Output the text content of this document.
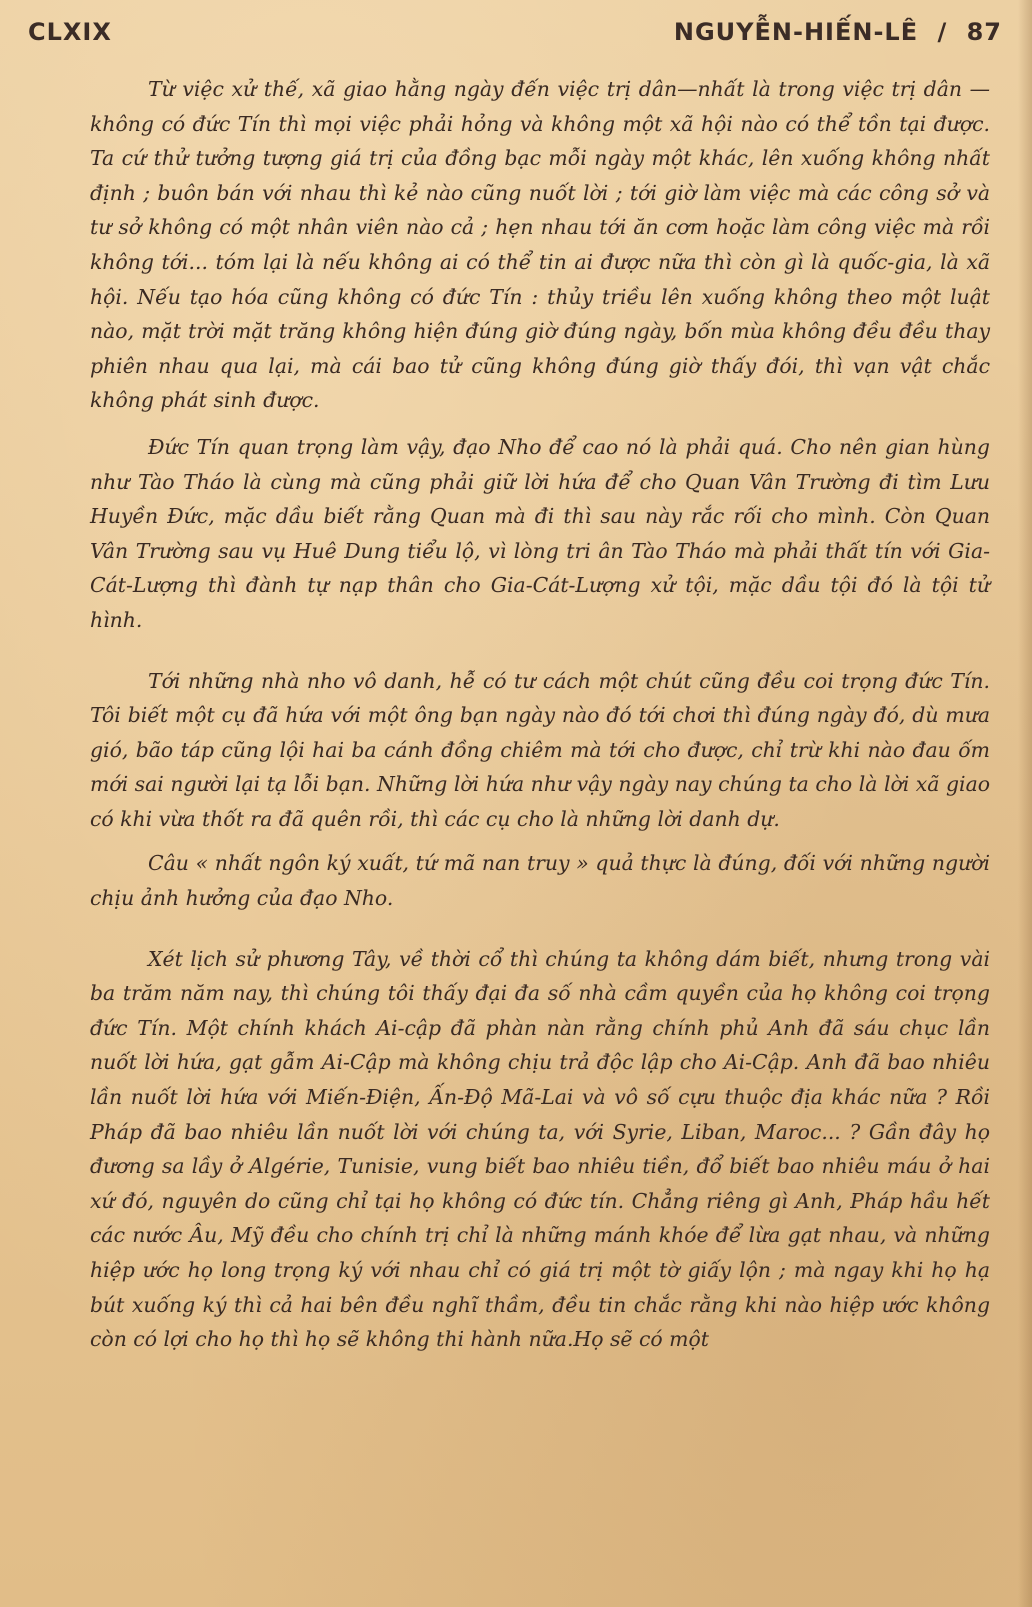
CLXIX	NGUYỄN-HIẾN-LÊ / 87

Từ việc xử thế, xã giao hằng ngày đến việc trị dân—nhất là trong việc trị dân — không có đức Tín thì mọi việc phải hỏng và không một xã hội nào có thể tồn tại được. Ta cứ thử tưởng tượng giá trị của đồng bạc mỗi ngày một khác, lên xuống không nhất định ; buôn bán với nhau thì kẻ nào cũng nuốt lời ; tới giờ làm việc mà các công sở và tư sở không có một nhân viên nào cả ; hẹn nhau tới ăn cơm hoặc làm công việc mà rồi không tới... tóm lại là nếu không ai có thể tin ai được nữa thì còn gì là quốc-gia, là xã hội. Nếu tạo hóa cũng không có đức Tín : thủy triều lên xuống không theo một luật nào, mặt trời mặt trăng không hiện đúng giờ đúng ngày, bốn mùa không đều đều thay phiên nhau qua lại, mà cái bao tử cũng không đúng giờ thấy đói, thì vạn vật chắc không phát sinh được.

Đức Tín quan trọng làm vậy, đạo Nho để cao nó là phải quá. Cho nên gian hùng như Tào Tháo là cùng mà cũng phải giữ lời hứa để cho Quan Vân Trường đi tìm Lưu Huyền Đức, mặc dầu biết rằng Quan mà đi thì sau này rắc rối cho mình. Còn Quan Vân Trường sau vụ Huê Dung tiểu lộ, vì lòng tri ân Tào Tháo mà phải thất tín với Gia-Cát-Lượng thì đành tự nạp thân cho Gia-Cát-Lượng xử tội, mặc dầu tội đó là tội tử hình.

Tới những nhà nho vô danh, hễ có tư cách một chút cũng đều coi trọng đức Tín. Tôi biết một cụ đã hứa với một ông bạn ngày nào đó tới chơi thì đúng ngày đó, dù mưa gió, bão táp cũng lội hai ba cánh đồng chiêm mà tới cho được, chỉ trừ khi nào đau ốm mới sai người lại tạ lỗi bạn. Những lời hứa như vậy ngày nay chúng ta cho là lời xã giao có khi vừa thốt ra đã quên rồi, thì các cụ cho là những lời danh dự.

Câu « nhất ngôn ký xuất, tứ mã nan truy » quả thực là đúng, đối với những người chịu ảnh hưởng của đạo Nho.

Xét lịch sử phương Tây, về thời cổ thì chúng ta không dám biết, nhưng trong vài ba trăm năm nay, thì chúng tôi thấy đại đa số nhà cầm quyền của họ không coi trọng đức Tín. Một chính khách Ai-cập đã phàn nàn rằng chính phủ Anh đã sáu chục lần nuốt lời hứa, gạt gẫm Ai-Cập mà không chịu trả độc lập cho Ai-Cập. Anh đã bao nhiêu lần nuốt lời hứa với Miến-Điện, Ấn-Độ Mã-Lai và vô số cựu thuộc địa khác nữa ? Rồi Pháp đã bao nhiêu lần nuốt lời với chúng ta, với Syrie, Liban, Maroc... ? Gần đây họ đương sa lầy ở Algérie, Tunisie, vung biết bao nhiêu tiền, đổ biết bao nhiêu máu ở hai xứ đó, nguyên do cũng chỉ tại họ không có đức tín. Chẳng riêng gì Anh, Pháp hầu hết các nước Âu, Mỹ đều cho chính trị chỉ là những mánh khóe để lừa gạt nhau, và những hiệp ước họ long trọng ký với nhau chỉ có giá trị một tờ giấy lộn ; mà ngay khi họ hạ bút xuống ký thì cả hai bên đều nghĩ thầm, đều tin chắc rằng khi nào hiệp ước không còn có lợi cho họ thì họ sẽ không thi hành nữa.Họ sẽ có một
